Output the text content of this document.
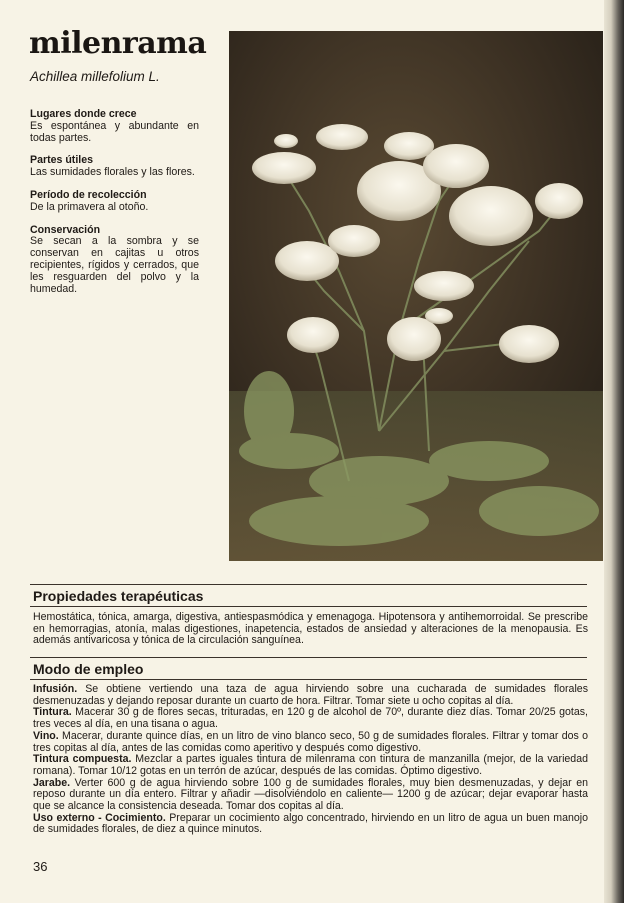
milenrama
Achillea millefolium L.
Lugares donde crece
Es espontánea y abundante en todas partes.
Partes útiles
Las sumidades florales y las flores.
Período de recolección
De la primavera al otoño.
Conservación
Se secan a la sombra y se conservan en cajitas u otros recipientes, rígidos y cerrados, que les resguarden del polvo y la humedad.
Propiedades terapéuticas
Hemostática, tónica, amarga, digestiva, antiespasmódica y emenagoga. Hipotensora y antihemorroidal. Se prescribe en hemorragias, atonía, malas digestiones, inapetencia, estados de ansiedad y alteraciones de la menopausia. Es además antivaricosa y tónica de la circulación sanguínea.
Modo de empleo

Infusión. Se obtiene vertiendo una taza de agua hirviendo sobre una cucharada de sumidades florales desmenuzadas y dejando reposar durante un cuarto de hora. Filtrar. Tomar siete u ocho copitas al día.

Tintura. Macerar 30 g de flores secas, trituradas, en 120 g de alcohol de 70º, durante diez días. Tomar 20/25 gotas, tres veces al día, en una tisana o agua.

Vino. Macerar, durante quince días, en un litro de vino blanco seco, 50 g de sumidades florales. Filtrar y tomar dos o tres copitas al día, antes de las comidas como aperitivo y después como digestivo.

Tintura compuesta. Mezclar a partes iguales tintura de milenrama con tintura de manzanilla (mejor, de la variedad romana). Tomar 10/12 gotas en un terrón de azúcar, después de las comidas. Óptimo digestivo.

Jarabe. Verter 600 g de agua hirviendo sobre 100 g de sumidades florales, muy bien desmenuzadas, y dejar en reposo durante un día entero. Filtrar y añadir —disolviéndolo en caliente— 1200 g de azúcar; dejar evaporar hasta que se alcance la consistencia deseada. Tomar dos copitas al día.

Uso externo - Cocimiento. Preparar un cocimiento algo concentrado, hirviendo en un litro de agua un buen manojo de sumidades florales, de diez a quince minutos.

36
